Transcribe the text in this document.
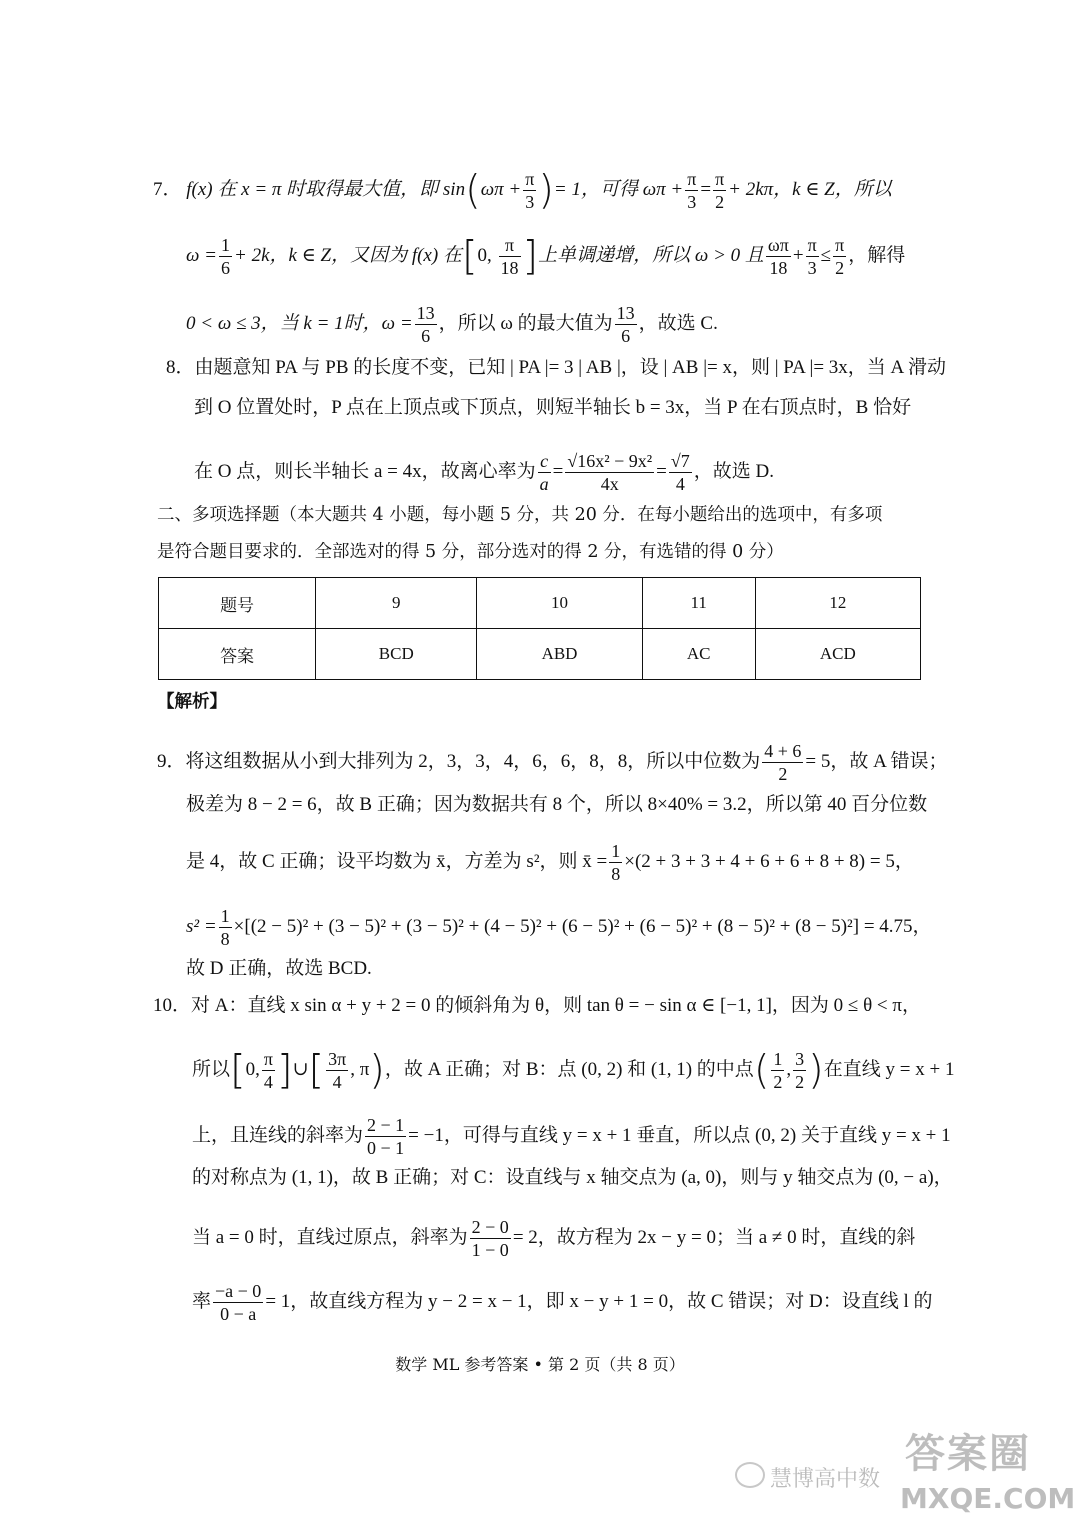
7． f(x) 在 x = π 时取得最大值，即 $\sin(\omega\pi + \frac{\pi}{3}$ )= 1，可得 $\omega\pi + \frac{\pi}{3} = \frac{\pi}{2} + 2k\pi$，k ∈ Z，所以
$\omega = \frac{1}{6} + 2k$，k ∈ Z，又因为 f(x) 在[0, $\frac{\pi}{18}$ ]上单调递增，所以 ω > 0 且 $\frac{\omega\pi}{18} + \frac{\pi}{3} \le \frac{\pi}{2}$ ，解得
0 < ω ≤ 3，当 k = 1时，$\omega = \frac{13}{6}$ ，所以 ω 的最大值为 $\frac{13}{6}$ ，故选 C.
8．由题意知 PA 与 PB 的长度不变，已知 | PA |= 3 | AB |，设 | AB |= x，则 | PA |= 3x，当 A 滑动
到 O 位置处时，P 点在上顶点或下顶点，则短半轴长 b = 3x，当 P 在右顶点时，B 恰好
在 O 点，则长半轴长 a = 4x，故离心率为 $\frac{c}{a} = \frac{\text{√16x² − 9x²}}{4x} = \frac{√7}{4}$ ，故选 D.
二、多项选择题（本大题共 4 小题，每小题 5 分，共 20 分．在每小题给出的选项中，有多项
是符合题目要求的．全部选对的得 5 分，部分选对的得 2 分，有选错的得 0 分）
题号	9	10	11	12
答案	BCD	ABD	AC	ACD
【解析】
9．将这组数据从小到大排列为 2，3，3，4，6，6，8，8，所以中位数为 $\frac{4 + 6}{2} = 5$，故 A 错误；
极差为 8 − 2 = 6，故 B 正确；因为数据共有 8 个，所以 8×40% = 3.2，所以第 40 百分位数
是 4，故 C 正确；设平均数为 x̄，方差为 s²，则 x̄ = $\frac{1}{8} \times(2 + 3 + 3 + 4 + 6 + 6 + 8 + 8) = 5$，
$s^2 = \frac{1}{8} \times[(2 - 5)^2 + (3 - 5)^2 + (3 - 5)^2 + (4 - 5)^2 + (6 - 5)^2 + (6 - 5)^2 + (8 - 5)^2 + (8 - 5)^2] = 4.75$，
故 D 正确，故选 BCD.
10．对 A：直线 x sin α + y + 2 = 0 的倾斜角为 θ，则 tan θ = − sin α ∈ [−1, 1]，因为 0 ≤ θ < π，
所以[0, $\frac{\pi}{4}$ ]∪[ $\frac{3\pi}{4}$ , π)，故 A 正确；对 B：点 (0, 2) 和 (1, 1) 的中点( $\frac{1}{2}$ , $\frac{3}{2}$ )在直线 y = x + 1
上，且连线的斜率为 $\frac{2 - 1}{0 - 1} = -1$，可得与直线 y = x + 1 垂直，所以点 (0, 2) 关于直线 y = x + 1
的对称点为 (1, 1)，故 B 正确；对 C：设直线与 x 轴交点为 (a, 0)，则与 y 轴交点为 (0, − a)，
当 a = 0 时，直线过原点，斜率为 $\frac{2 - 0}{1 - 0} = 2$，故方程为 2x − y = 0；当 a ≠ 0 时，直线的斜
率 $\frac{-a - 0}{0 - a} = 1$，故直线方程为 y − 2 = x − 1，即 x − y + 1 = 0，故 C 错误；对 D：设直线 l 的
数学 ML 参考答案 • 第 2 页（共 8 页）
慧博高中数
答案圈
MXQE.COM
